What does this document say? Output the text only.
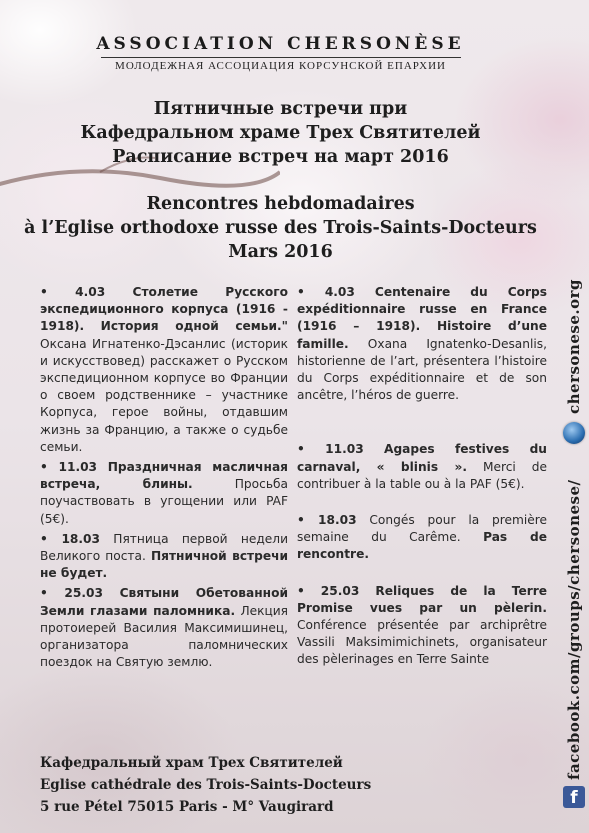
ASSOCIATION CHERSONÈSE

МОЛОДЕЖНАЯ АССОЦИАЦИЯ КОРСУНСКОЙ ЕПАРХИИ

Пятничные встречи при
Кафедральном храме Трех Святителей
Расписание встреч на март 2016
Rencontres hebdomadaires
à l’Eglise orthodoxe russe des Trois-Saints-Docteurs
Mars 2016

• 4.03 Столетие Русского экспедиционного корпуса (1916 - 1918). История одной семьи." Оксана Игнатенко-Дэсанлис (историк и искусствовед) расскажет о Русском экспедиционном корпусе во Франции о своем родственнике – участнике Корпуса, герое войны, отдавшим жизнь за Францию, а также о судьбе семьи.

• 11.03 Праздничная масличная встреча, блины.	Просьба поучаствовать в угощении или PAF (5€).

• 18.03 Пятница первой недели Великого поста. Пятничной встречи не будет.

• 25.03 Святыни Обетованной Земли глазами паломника. Лекция протоиерей Василия Максимишинец, организатора паломнических поездок на Святую землю.

• 4.03 Centenaire du Corps expéditionnaire russe en France (1916 – 1918). Histoire d’une famille. Oxana Ignatenko-Desanlis, historienne de l’art, présentera l’histoire du Corps expéditionnaire et de son ancêtre, l’héros de guerre.

• 11.03 Agapes festives du carnaval, « blinis ». Merci de contribuer à la table ou à la PAF (5€).

• 18.03 Congés pour la première semaine du Carême. Pas de rencontre.

• 25.03 Reliques de la Terre Promise vues par un pèlerin. Conférence présentée par archiprêtre Vassili Maksimimichinets, organisateur des pèlerinages en Terre Sainte

Кафедральный храм Трех Святителей
Eglise cathédrale des Trois-Saints-Docteurs
5 rue Pétel 75015 Paris - M° Vaugirard
chersonese.org
facebook.com/groups/chersonese/
f
